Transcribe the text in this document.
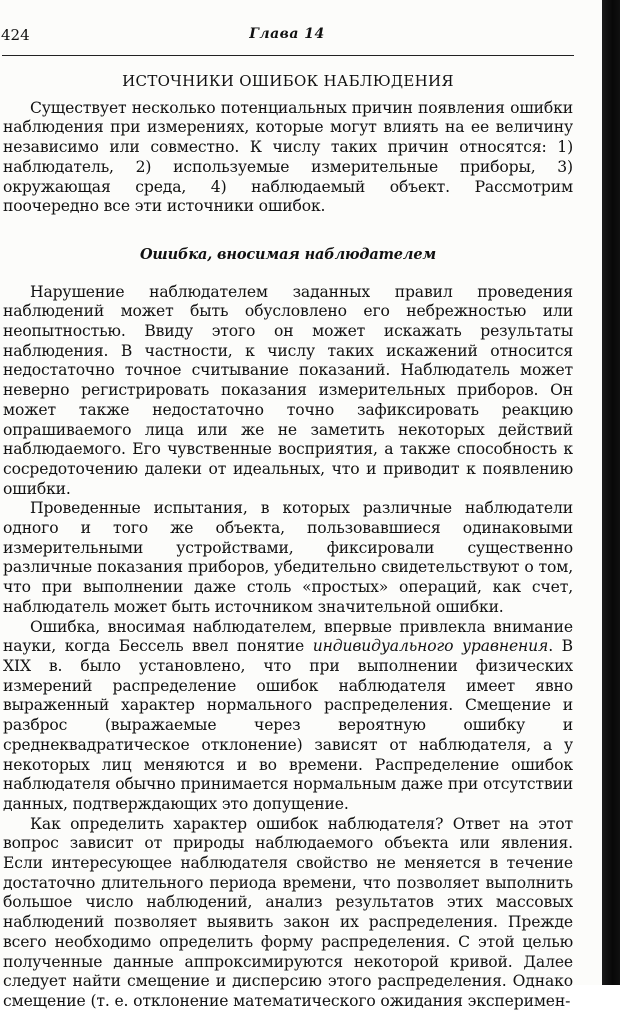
424	Глава 14
ИСТОЧНИКИ ОШИБОК НАБЛЮДЕНИЯ

Существует несколько потенциальных причин появления ошибки наблюдения при измерениях, которые могут влиять на ее величину независимо или совместно. К числу таких причин относятся: 1) наблюдатель, 2) используемые измерительные приборы, 3) окружающая среда, 4) наблюдаемый объект. Рассмотрим поочередно все эти источники ошибок.

Ошибка, вносимая наблюдателем

Нарушение наблюдателем заданных правил проведения наблюдений может быть обусловлено его небрежностью или неопытностью. Ввиду этого он может искажать результаты наблюдения. В частности, к числу таких искажений относится недостаточно точное считывание показаний. Наблюдатель может неверно регистрировать показания измерительных приборов. Он может также недостаточно точно зафиксировать реакцию опрашиваемого лица или же не заметить некоторых действий наблюдаемого. Его чувственные восприятия, а также способность к сосредоточению далеки от идеальных, что и приводит к появлению ошибки.

Проведенные испытания, в которых различные наблюдатели одного и того же объекта, пользовавшиеся одинаковыми измерительными устройствами, фиксировали существенно различные показания приборов, убедительно свидетельствуют о том, что при выполнении даже столь «простых» операций, как счет, наблюдатель может быть источником значительной ошибки.

Ошибка, вносимая наблюдателем, впервые привлекла внимание науки, когда Бессель ввел понятие индивидуального уравнения. В XIX в. было установлено, что при выполнении физических измерений распределение ошибок наблюдателя имеет явно выраженный характер нормального распределения. Смещение и разброс (выражаемые через вероятную ошибку и среднеквадратическое отклонение) зависят от наблюдателя, а у некоторых лиц меняются и во времени. Распределение ошибок наблюдателя обычно принимается нормальным даже при отсутствии данных, подтверждающих это допущение.

Как определить характер ошибок наблюдателя? Ответ на этот вопрос зависит от природы наблюдаемого объекта или явления. Если интересующее наблюдателя свойство не меняется в течение достаточно длительного периода времени, что позволяет выполнить большое число наблюдений, анализ результатов этих массовых наблюдений позволяет выявить закон их распределения. Прежде всего необходимо определить форму распределения. С этой целью полученные данные аппроксимируются некоторой кривой. Далее следует найти смещение и дисперсию этого распределения. Однако смещение (т. е. отклонение математического ожидания эксперимен-
